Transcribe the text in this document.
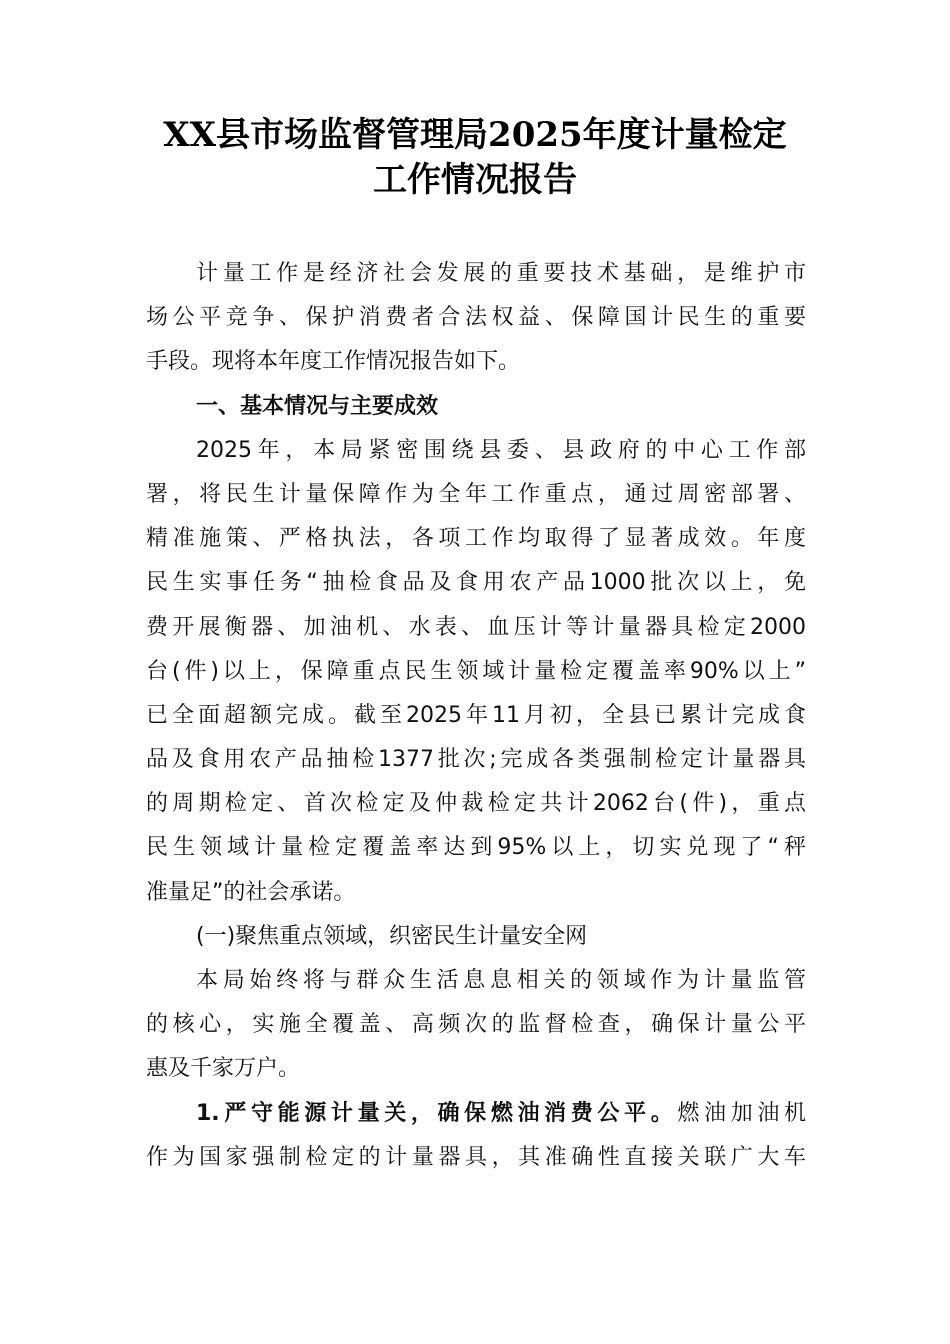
XX县市场监督管理局2025年度计量检定
工作情况报告
计量工作是经济社会发展的重要技术基础，是维护市
场公平竞争、保护消费者合法权益、保障国计民生的重要
手段。现将本年度工作情况报告如下。
一、基本情况与主要成效
2025年，本局紧密围绕县委、县政府的中心工作部
署，将民生计量保障作为全年工作重点，通过周密部署、
精准施策、严格执法，各项工作均取得了显著成效。年度
民生实事任务“抽检食品及食用农产品1000批次以上，免
费开展衡器、加油机、水表、血压计等计量器具检定2000
台(件)以上，保障重点民生领域计量检定覆盖率90%以上”
已全面超额完成。截至2025年11月初，全县已累计完成食
品及食用农产品抽检1377批次;完成各类强制检定计量器具
的周期检定、首次检定及仲裁检定共计2062台(件)，重点
民生领域计量检定覆盖率达到95%以上，切实兑现了“秤
准量足”的社会承诺。
(一)聚焦重点领域，织密民生计量安全网
本局始终将与群众生活息息相关的领域作为计量监管
的核心，实施全覆盖、高频次的监督检查，确保计量公平
惠及千家万户。
1.严守能源计量关，确保燃油消费公平。燃油加油机
作为国家强制检定的计量器具，其准确性直接关联广大车
